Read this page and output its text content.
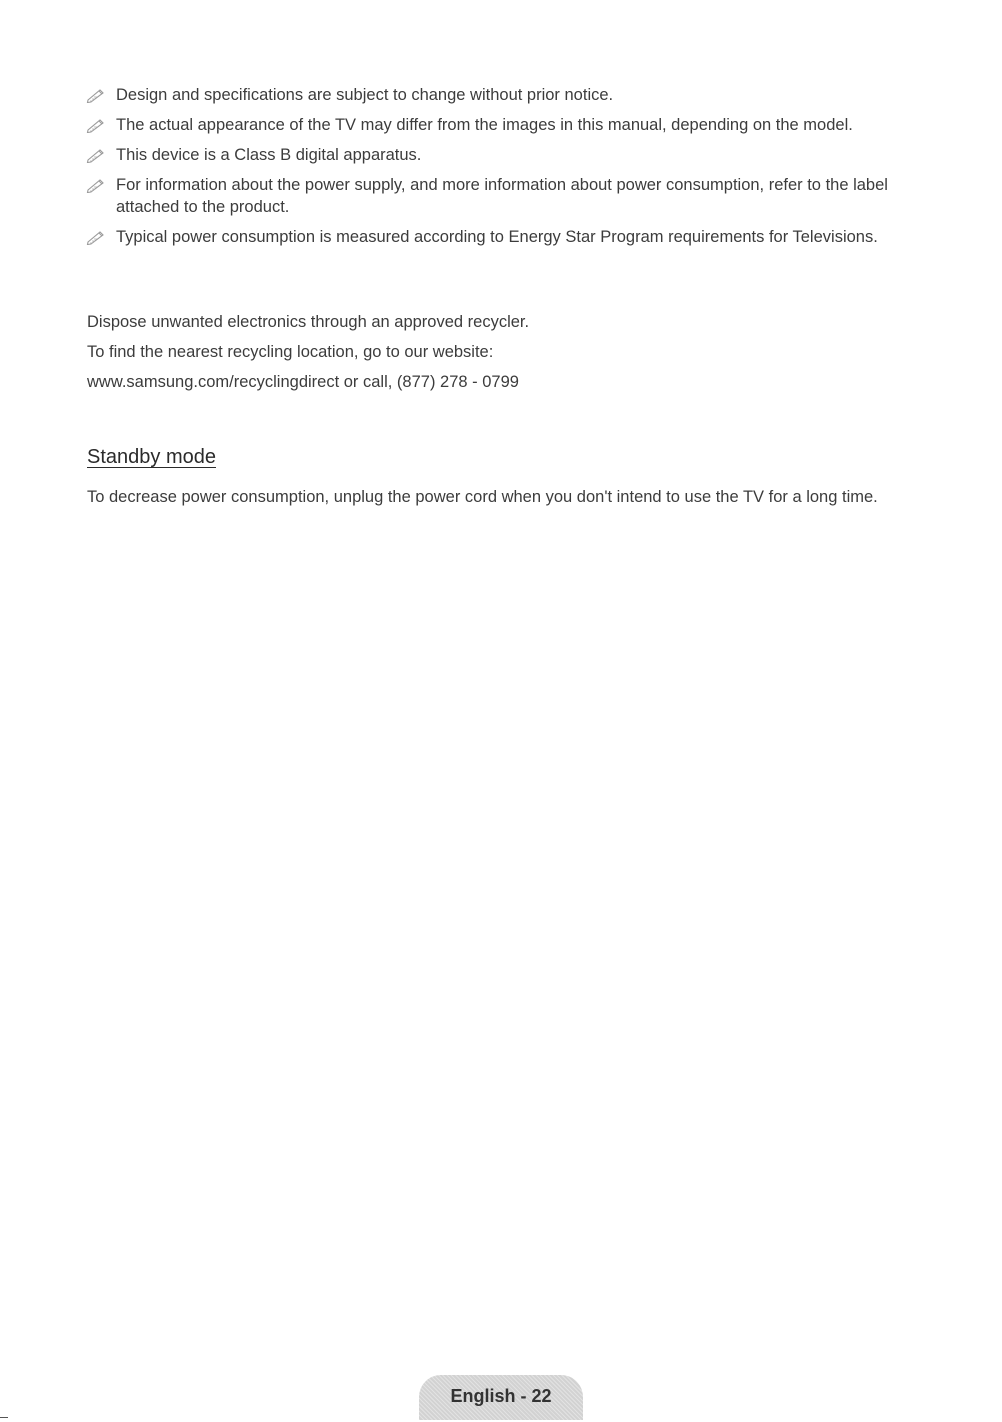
Design and specifications are subject to change without prior notice.
The actual appearance of the TV may differ from the images in this manual, depending on the model.
This device is a Class B digital apparatus.
For information about the power supply, and more information about power consumption, refer to the label attached to the product.
Typical power consumption is measured according to Energy Star Program requirements for Televisions.

Dispose unwanted electronics through an approved recycler.

To find the nearest recycling location, go to our website:

www.samsung.com/recyclingdirect or call, (877) 278 - 0799

Standby mode

To decrease power consumption, unplug the power cord when you don't intend to use the TV for a long time.

English - 22
